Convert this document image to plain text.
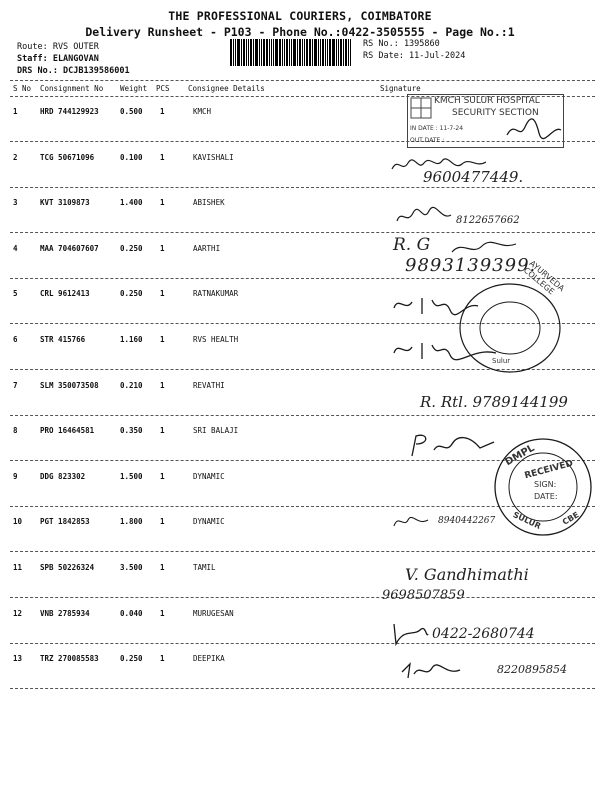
THE PROFESSIONAL COURIERS, COIMBATORE
Delivery Runsheet - P103 - Phone No.:0422-3505555 - Page No.:1
Route: RVS OUTER
Staff: ELANGOVAN
DRS No.: DCJB139586001
RS No.: 1395860
RS Date: 11-Jul-2024
S No Consignment No Weight PCS Consignee Details	Signature
1	HRD 744129923	0.500 1	KMCH
2	TCG 50671096	0.100 1	KAVISHALI
3	KVT 3109873	1.400 1	ABISHEK
4	MAA 704607607	0.250 1	AARTHI
5	CRL 9612413	0.250 1	RATNAKUMAR
6	STR 415766	1.160 1	RVS HEALTH
7	SLM 350073508	0.210 1	REVATHI
8	PRO 16464581	0.350 1	SRI BALAJI
9	DDG 823302	1.500 1	DYNAMIC
10 PGT 1842853	1.800 1	DYNAMIC
11 SPB 50226324	3.500 1	TAMIL
12 VNB 2785934	0.040 1	MURUGESAN
13 TRZ 270085583	0.250 1	DEEPIKA
KMCH SULUR HOSPITAL
SECURITY SECTION
IN DATE : 11-7-24
OUT DATE :
9600477449.
8122657662
R. G
9893139399.
AYURVEDA COLLEGE
Sulur
R. Rtl. 9789144199
DMPL
RECEIVED
SIGN:
DATE:
SULUR CBE
8940442267
V. Gandhimathi
9698507859
0422-2680744
8220895854
